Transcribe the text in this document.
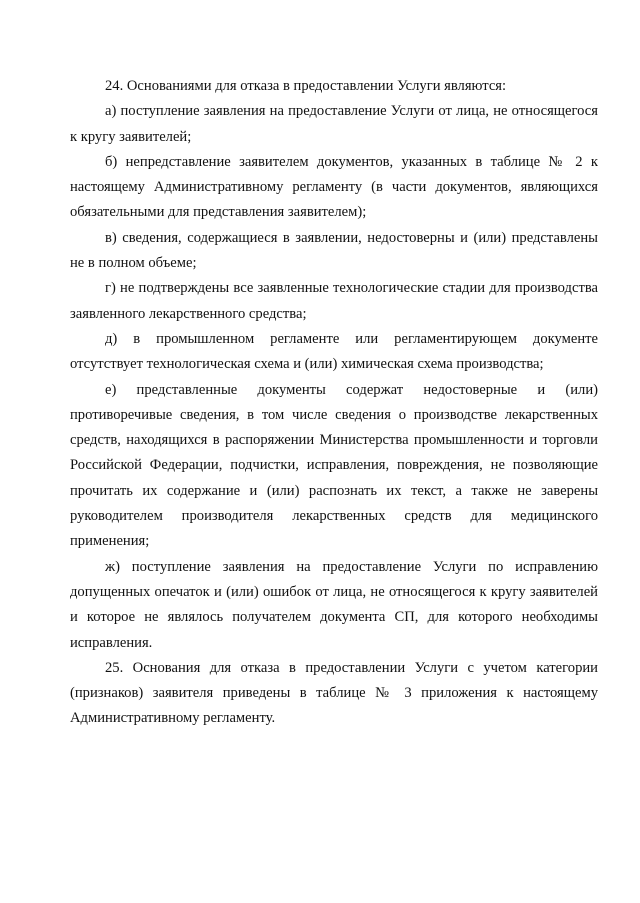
24. Основаниями для отказа в предоставлении Услуги являются:

а) поступление заявления на предоставление Услуги от лица, не относящегося к кругу заявителей;

б) непредставление заявителем документов, указанных в таблице № 2 к настоящему Административному регламенту (в части документов, являющихся обязательными для представления заявителем);

в) сведения, содержащиеся в заявлении, недостоверны и (или) представлены не в полном объеме;

г) не подтверждены все заявленные технологические стадии для производства заявленного лекарственного средства;

д) в промышленном регламенте или регламентирующем документе отсутствует технологическая схема и (или) химическая схема производства;

е) представленные документы содержат недостоверные и (или) противоречивые сведения, в том числе сведения о производстве лекарственных средств, находящихся в распоряжении Министерства промышленности и торговли Российской Федерации, подчистки, исправления, повреждения, не позволяющие прочитать их содержание и (или) распознать их текст, а также не заверены руководителем производителя лекарственных средств для медицинского применения;

ж) поступление заявления на предоставление Услуги по исправлению допущенных опечаток и (или) ошибок от лица, не относящегося к кругу заявителей и которое не являлось получателем документа СП, для которого необходимы исправления.

25. Основания для отказа в предоставлении Услуги с учетом категории (признаков) заявителя приведены в таблице № 3 приложения к настоящему Административному регламенту.
